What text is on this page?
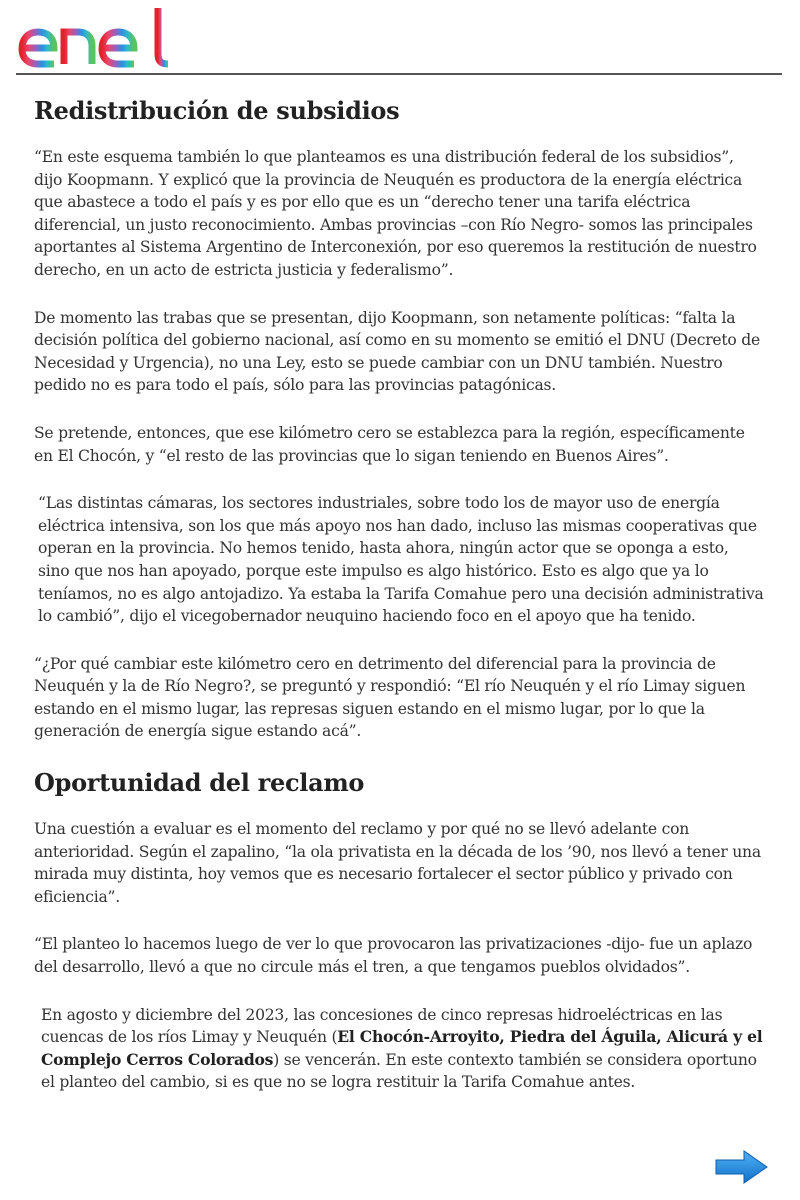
Redistribución de subsidios

“En este esquema también lo que planteamos es una distribución federal de los subsidios”, dijo Koopmann. Y explicó que la provincia de Neuquén es productora de la energía eléctrica que abastece a todo el país y es por ello que es un “derecho tener una tarifa eléctrica diferencial, un justo reconocimiento. Ambas provincias –con Río Negro- somos las principales aportantes al Sistema Argentino de Interconexión, por eso queremos la restitución de nuestro derecho, en un acto de estricta justicia y federalismo”.

De momento las trabas que se presentan, dijo Koopmann, son netamente políticas: “falta la decisión política del gobierno nacional, así como en su momento se emitió el DNU (Decreto de Necesidad y Urgencia), no una Ley, esto se puede cambiar con un DNU también. Nuestro pedido no es para todo el país, sólo para las provincias patagónicas.

Se pretende, entonces, que ese kilómetro cero se establezca para la región, específicamente en El Chocón, y “el resto de las provincias que lo sigan teniendo en Buenos Aires”.

“Las distintas cámaras, los sectores industriales, sobre todo los de mayor uso de energía eléctrica intensiva, son los que más apoyo nos han dado, incluso las mismas cooperativas que operan en la provincia. No hemos tenido, hasta ahora, ningún actor que se oponga a esto, sino que nos han apoyado, porque este impulso es algo histórico. Esto es algo que ya lo teníamos, no es algo antojadizo. Ya estaba la Tarifa Comahue pero una decisión administrativa lo cambió”, dijo el vicegobernador neuquino haciendo foco en el apoyo que ha tenido.

“¿Por qué cambiar este kilómetro cero en detrimento del diferencial para la provincia de Neuquén y la de Río Negro?, se preguntó y respondió: “El río Neuquén y el río Limay siguen estando en el mismo lugar, las represas siguen estando en el mismo lugar, por lo que la generación de energía sigue estando acá”.

Oportunidad del reclamo

Una cuestión a evaluar es el momento del reclamo y por qué no se llevó adelante con anterioridad. Según el zapalino, “la ola privatista en la década de los ’90, nos llevó a tener una mirada muy distinta, hoy vemos que es necesario fortalecer el sector público y privado con eficiencia”.

“El planteo lo hacemos luego de ver lo que provocaron las privatizaciones -dijo- fue un aplazo del desarrollo, llevó a que no circule más el tren, a que tengamos pueblos olvidados”.

En agosto y diciembre del 2023, las concesiones de cinco represas hidroeléctricas en las cuencas de los ríos Limay y Neuquén (El Chocón-Arroyito, Piedra del Águila, Alicurá y el Complejo Cerros Colorados) se vencerán. En este contexto también se considera oportuno el planteo del cambio, si es que no se logra restituir la Tarifa Comahue antes.
